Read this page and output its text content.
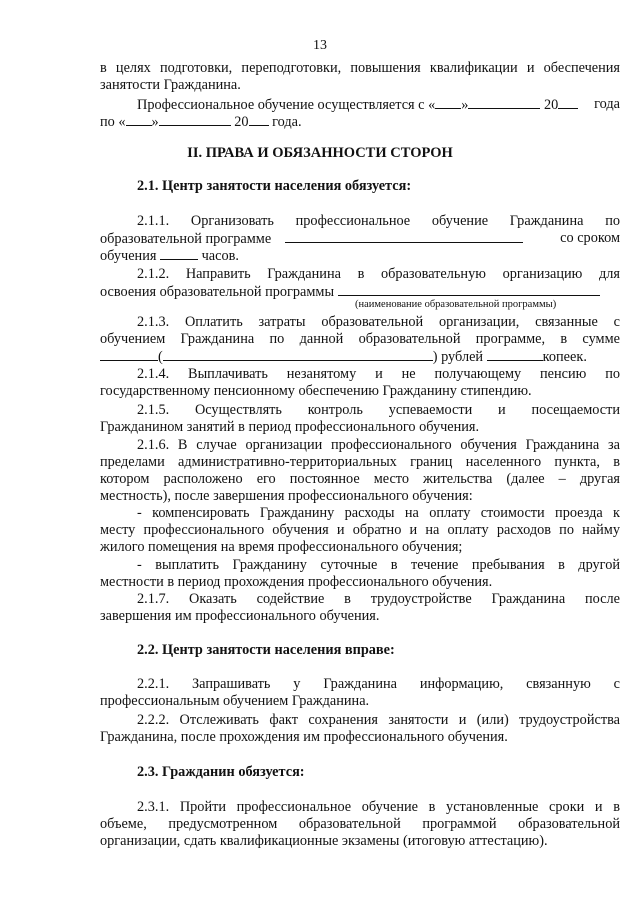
13
в целях подготовки, переподготовки, повышения квалификации и обеспечения
занятости Гражданина.
Профессиональное обучение осуществляется с « »	20	года
по « »	20 года.
II. ПРАВА И ОБЯЗАННОСТИ СТОРОН
2.1. Центр занятости населения обязуется:
2.1.1. Организовать профессиональное обучение Гражданина по
образовательной программе	со сроком
обучения	часов.
2.1.2. Направить Гражданина в образовательную организацию для
освоения образовательной программы
(наименование образовательной программы)
2.1.3. Оплатить затраты образовательной организации, связанные с
обучением Гражданина по данной образовательной программе, в сумме
(	) рублей	копеек.
2.1.4. Выплачивать незанятому и не получающему пенсию по
государственному пенсионному обеспечению Гражданину стипендию.
2.1.5. Осуществлять контроль успеваемости и посещаемости
Гражданином занятий в период профессионального обучения.
2.1.6. В случае организации профессионального обучения Гражданина за
пределами административно-территориальных границ населенного пункта, в
котором расположено его постоянное место жительства (далее – другая
местность), после завершения профессионального обучения:
- компенсировать Гражданину расходы на оплату стоимости проезда к
месту профессионального обучения и обратно и на оплату расходов по найму
жилого помещения на время профессионального обучения;
- выплатить Гражданину суточные в течение пребывания в другой
местности в период прохождения профессионального обучения.
2.1.7. Оказать содействие в трудоустройстве Гражданина после
завершения им профессионального обучения.
2.2. Центр занятости населения вправе:
2.2.1. Запрашивать у Гражданина информацию, связанную с
профессиональным обучением Гражданина.
2.2.2. Отслеживать факт сохранения занятости и (или) трудоустройства
Гражданина, после прохождения им профессионального обучения.
2.3. Гражданин обязуется:
2.3.1. Пройти профессиональное обучение в установленные сроки и в
объеме, предусмотренном образовательной программой образовательной
организации, сдать квалификационные экзамены (итоговую аттестацию).
